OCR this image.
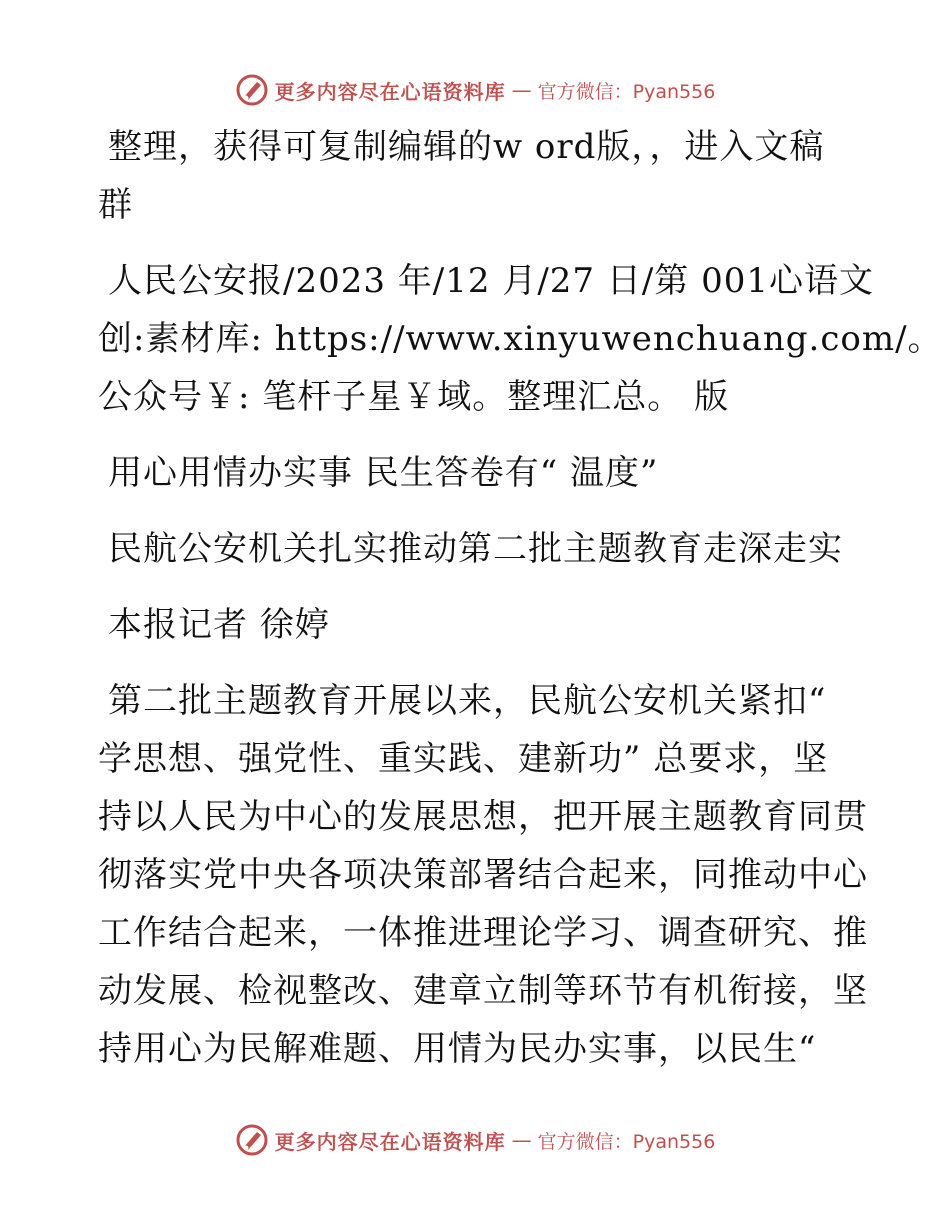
更多内容尽在心语资料库 — 官方微信：Pyan556
整理，获得可复制编辑的w ord版，，进入文稿
群
人民公安报/2023 年/12 月/27 日/第 001心语文
创:素材库: https://www.xinyuwenchuang.com/。
公众号￥: 笔杆子星￥域。整理汇总。 版
用心用情办实事 民生答卷有“ 温度”
民航公安机关扎实推动第二批主题教育走深走实
本报记者 徐婷
第二批主题教育开展以来，民航公安机关紧扣“
学思想、强党性、重实践、建新功” 总要求，坚
持以人民为中心的发展思想，把开展主题教育同贯
彻落实党中央各项决策部署结合起来，同推动中心
工作结合起来，一体推进理论学习、调查研究、推
动发展、检视整改、建章立制等环节有机衔接，坚
持用心为民解难题、用情为民办实事，以民生“
更多内容尽在心语资料库 — 官方微信：Pyan556
